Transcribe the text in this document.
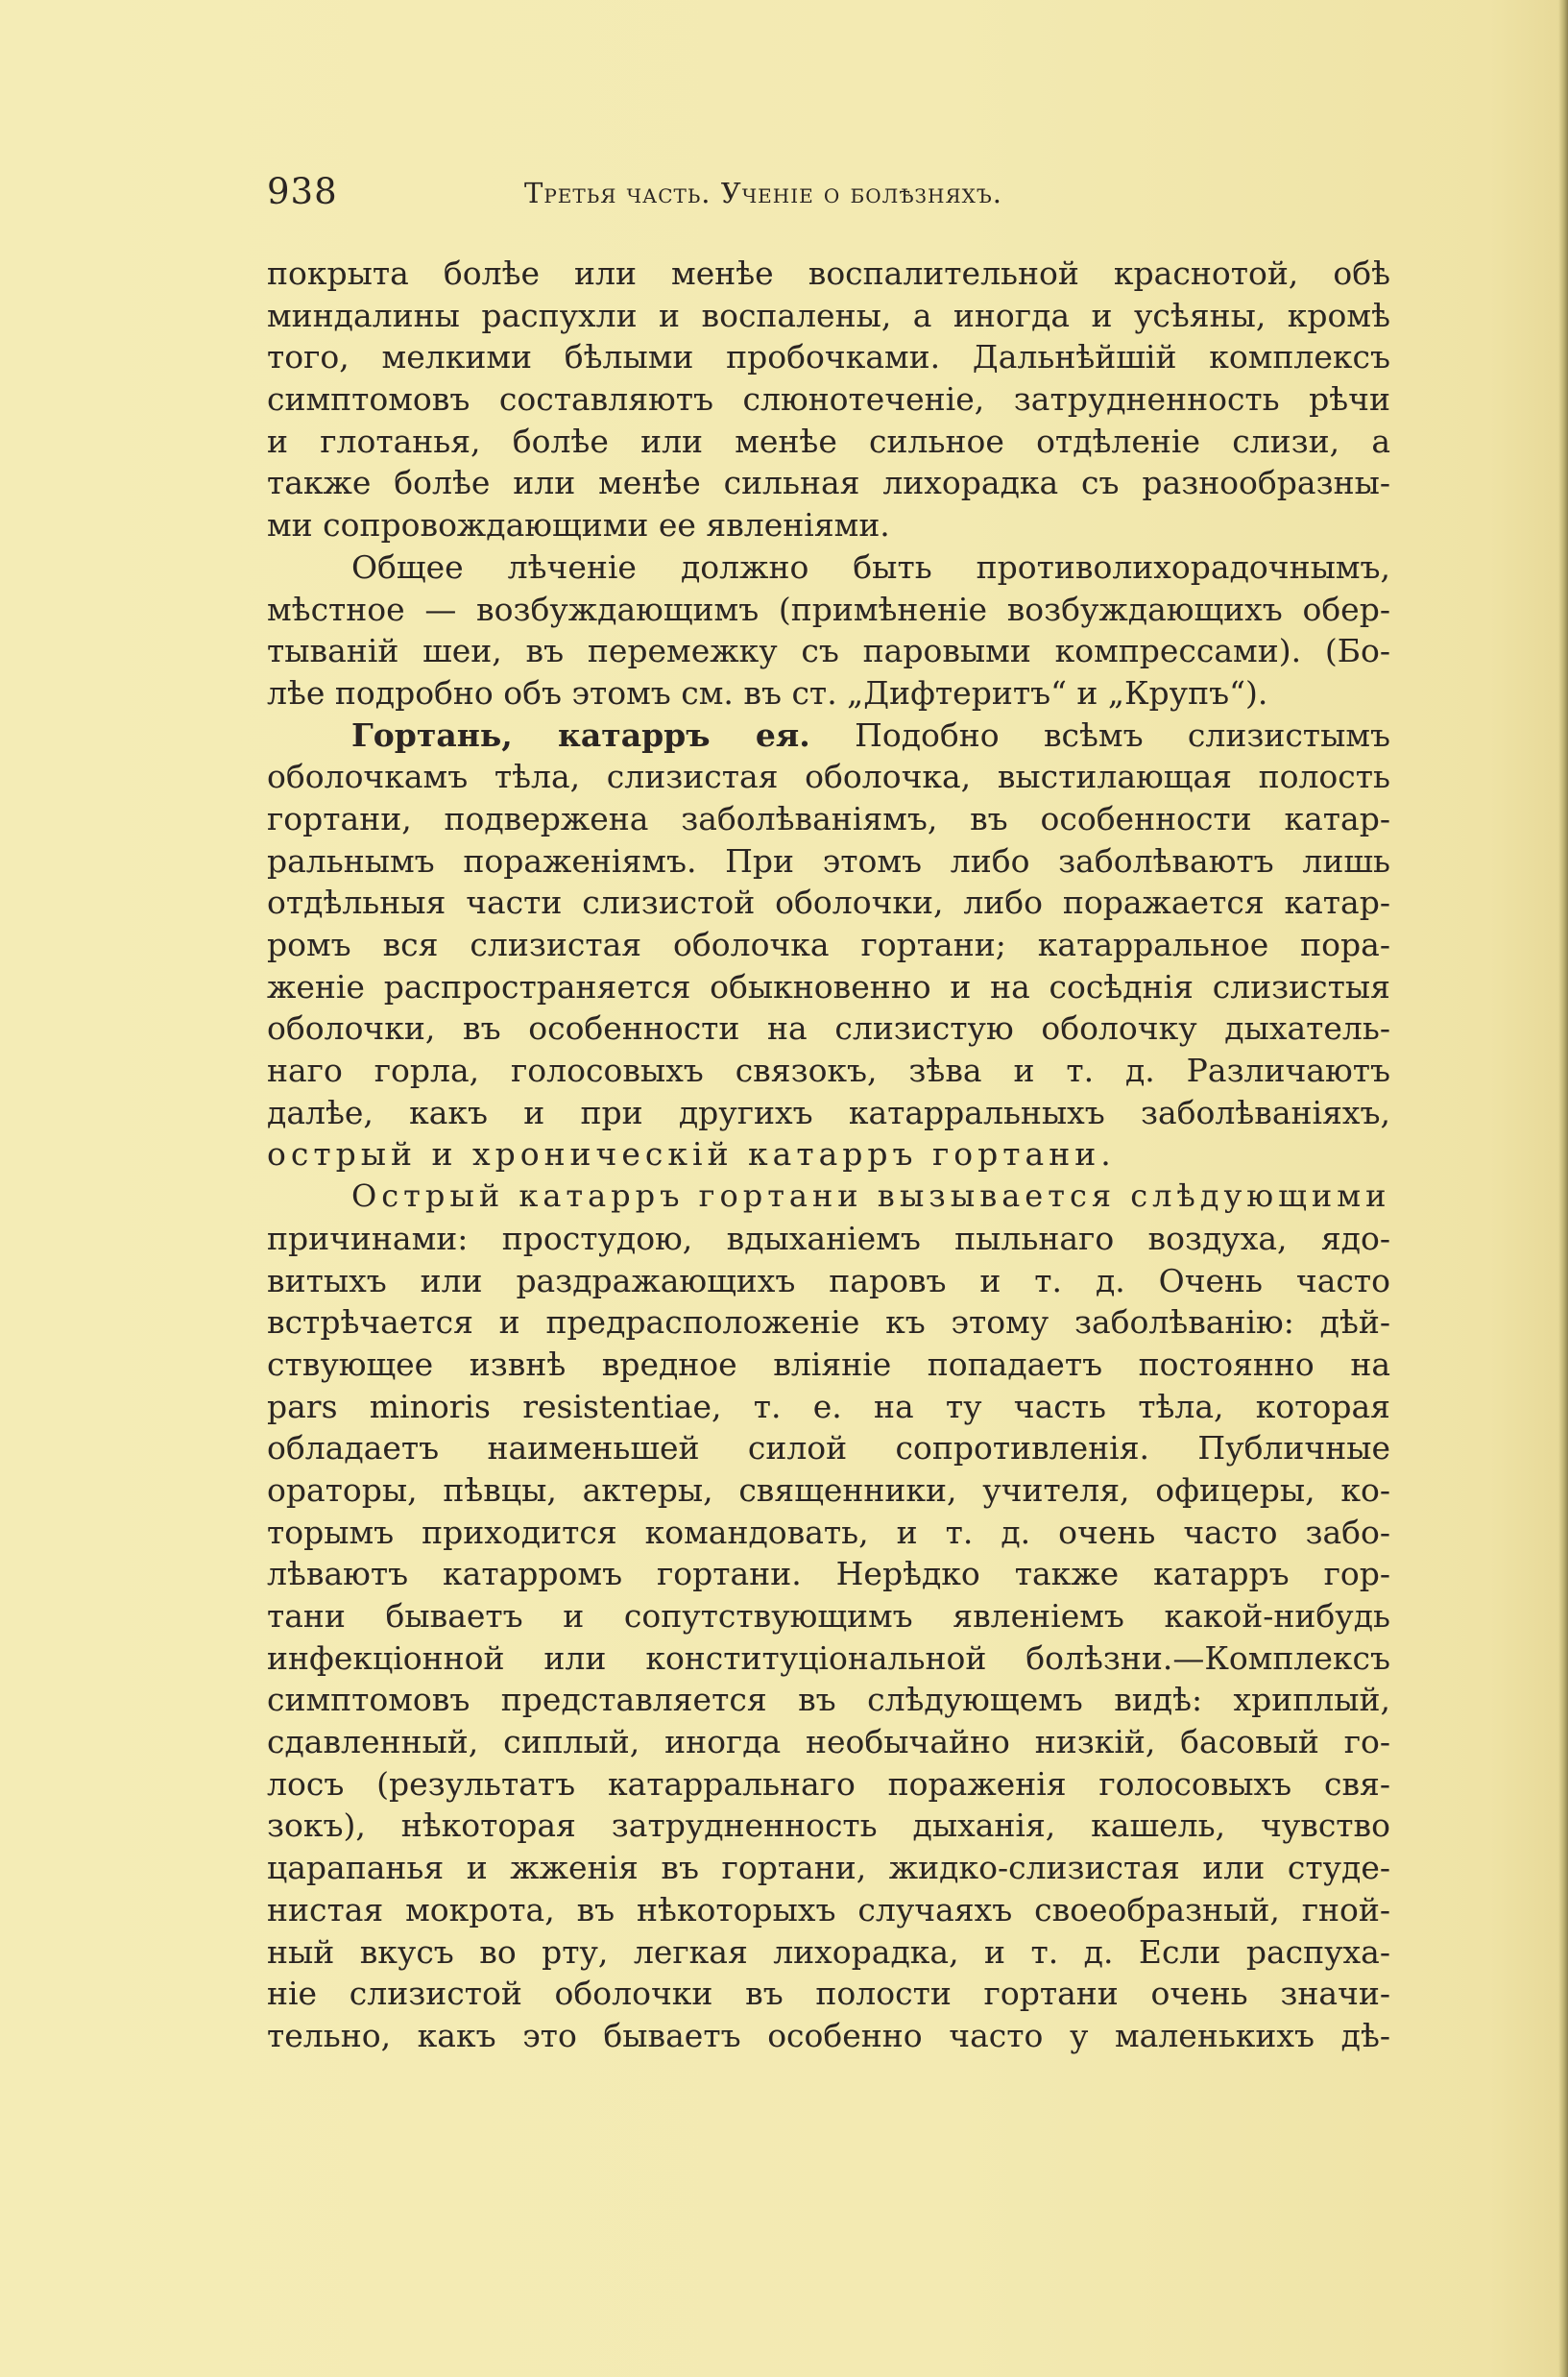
938	Третья часть. Ученіе о болѣзняхъ.
покрыта болѣе или менѣе воспалительной краснотой, обѣ
миндалины распухли и воспалены, а иногда и усѣяны, кромѣ
того, мелкими бѣлыми пробочками. Дальнѣйшій комплексъ
симптомовъ составляютъ слюнотеченіе, затрудненность рѣчи
и глотанья, болѣе или менѣе сильное отдѣленіе слизи, а
также болѣе или менѣе сильная лихорадка съ разнообразны-
ми сопровождающими ее явленіями.
Общее лѣченіе должно быть противолихорадочнымъ,
мѣстное — возбуждающимъ (примѣненіе возбуждающихъ обер-
тываній шеи, въ перемежку съ паровыми компрессами). (Бо-
лѣе подробно объ этомъ см. въ ст. „Дифтеритъ“ и „Крупъ“).
Гортань, катарръ ея. Подобно всѣмъ слизистымъ
оболочкамъ тѣла, слизистая оболочка, выстилающая полость
гортани, подвержена заболѣваніямъ, въ особенности катар-
ральнымъ пораженіямъ. При этомъ либо заболѣваютъ лишь
отдѣльныя части слизистой оболочки, либо поражается катар-
ромъ вся слизистая оболочка гортани; катарральное пора-
женіе распространяется обыкновенно и на сосѣднія слизистыя
оболочки, въ особенности на слизистую оболочку дыхатель-
наго горла, голосовыхъ связокъ, зѣва и т. д. Различаютъ
далѣе, какъ и при другихъ катарральныхъ заболѣваніяхъ,
острый и хроническій катарръ гортани.
Острый катарръ гортани вызывается слѣдующими
причинами: простудою, вдыханіемъ пыльнаго воздуха, ядо-
витыхъ или раздражающихъ паровъ и т. д. Очень часто
встрѣчается и предрасположеніе къ этому заболѣванію: дѣй-
ствующее извнѣ вредное вліяніе попадаетъ постоянно на
pars minoris resistentiae, т. е. на ту часть тѣла, которая
обладаетъ наименьшей силой сопротивленія. Публичные
ораторы, пѣвцы, актеры, священники, учителя, офицеры, ко-
торымъ приходится командовать, и т. д. очень часто забо-
лѣваютъ катарромъ гортани. Нерѣдко также катарръ гор-
тани бываетъ и сопутствующимъ явленіемъ какой-нибудь
инфекціонной или конституціональной болѣзни.—Комплексъ
симптомовъ представляется въ слѣдующемъ видѣ: хриплый,
сдавленный, сиплый, иногда необычайно низкій, басовый го-
лосъ (результатъ катарральнаго пораженія голосовыхъ свя-
зокъ), нѣкоторая затрудненность дыханія, кашель, чувство
царапанья и жженія въ гортани, жидко-слизистая или студе-
нистая мокрота, въ нѣкоторыхъ случаяхъ своеобразный, гной-
ный вкусъ во рту, легкая лихорадка, и т. д. Если распуха-
ніе слизистой оболочки въ полости гортани очень значи-
тельно, какъ это бываетъ особенно часто у маленькихъ дѣ-
